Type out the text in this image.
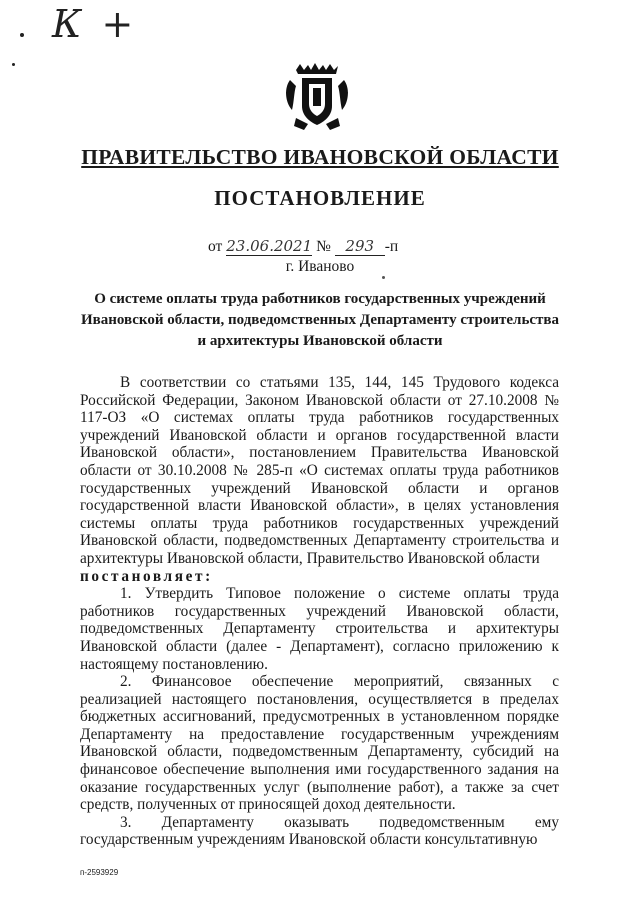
К +
ПРАВИТЕЛЬСТВО ИВАНОВСКОЙ ОБЛАСТИ
ПОСТАНОВЛЕНИЕ
от 23.06.2021 № 293 -п
г. Иваново
О системе оплаты труда работников государственных учреждений Ивановской области, подведомственных Департаменту строительства и архитектуры Ивановской области

В соответствии со статьями 135, 144, 145 Трудового кодекса Российской Федерации, Законом Ивановской области от 27.10.2008 № 117-ОЗ «О системах оплаты труда работников государственных учреждений Ивановской области и органов государственной власти Ивановской области», постановлением Правительства Ивановской области от 30.10.2008 № 285-п «О системах оплаты труда работников государственных учреждений Ивановской области и органов государственной власти Ивановской области», в целях установления системы оплаты труда работников государственных учреждений Ивановской области, подведомственных Департаменту строительства и архитектуры Ивановской области, Правительство Ивановской области

постановляет:

1. Утвердить Типовое положение о системе оплаты труда работников государственных учреждений Ивановской области, подведомственных Департаменту строительства и архитектуры Ивановской области (далее - Департамент), согласно приложению к настоящему постановлению.

2. Финансовое обеспечение мероприятий, связанных с реализацией настоящего постановления, осуществляется в пределах бюджетных ассигнований, предусмотренных в установленном порядке Департаменту на предоставление государственным учреждениям Ивановской области, подведомственным Департаменту, субсидий на финансовое обеспечение выполнения ими государственного задания на оказание государственных услуг (выполнение работ), а также за счет средств, полученных от приносящей доход деятельности.

3. Департаменту оказывать подведомственным ему государственным учреждениям Ивановской области консультативную

п-2593929
